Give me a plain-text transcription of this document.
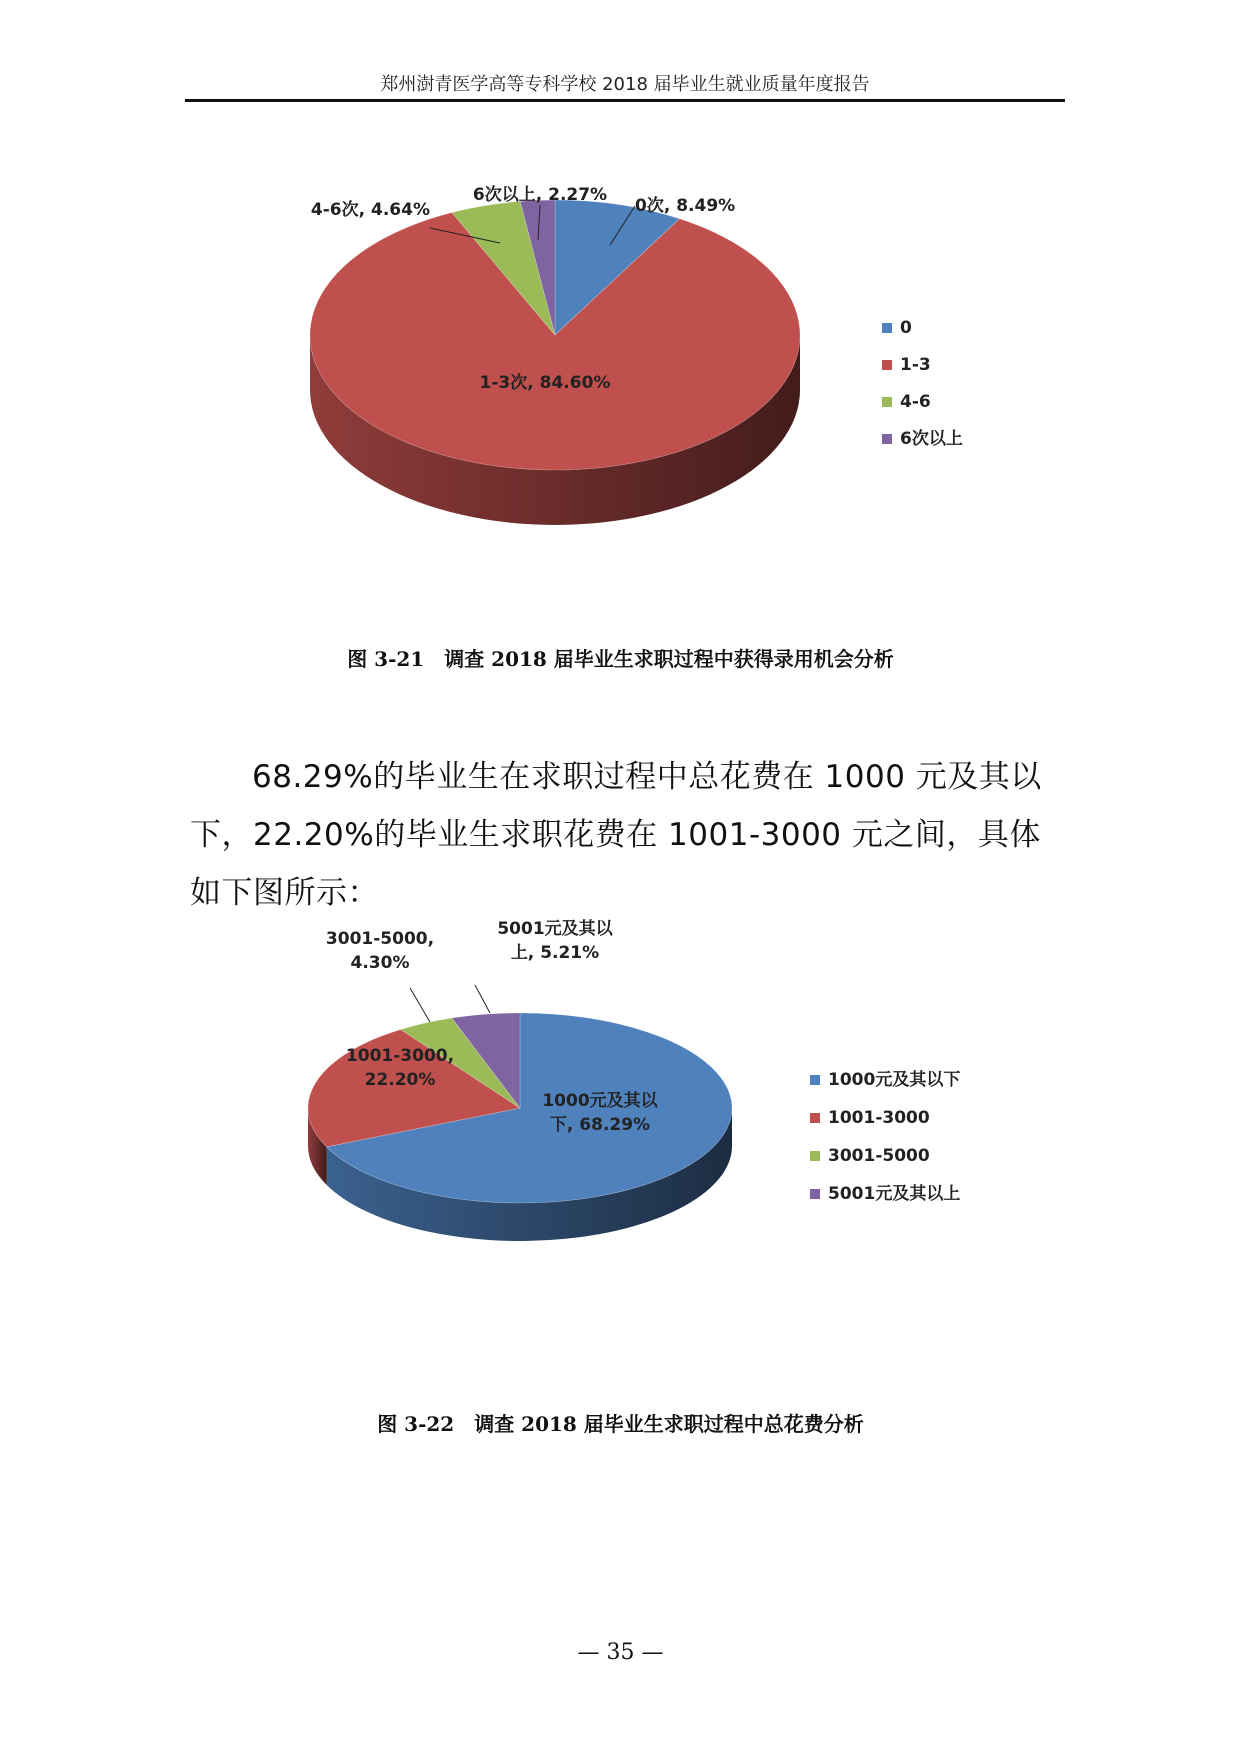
郑州澍青医学高等专科学校 2018 届毕业生就业质量年度报告
0次, 8.49%
1-3次, 84.60%
4-6次, 4.64%
6次以上, 2.27%
0
1-3
4-6
6次以上
图 3-21　调查 2018 届毕业生求职过程中获得录用机会分析
68.29%的毕业生在求职过程中总花费在 1000 元及其以下，22.20%的毕业生求职花费在 1001-3000 元之间，具体如下图所示：
1000元及其以下, 68.29%
1001-3000, 22.20%
3001-5000, 4.30%
5001元及其以上, 5.21%
1000元及其以下
1001-3000
3001-5000
5001元及其以上
图 3-22　调查 2018 届毕业生求职过程中总花费分析
— 35 —
